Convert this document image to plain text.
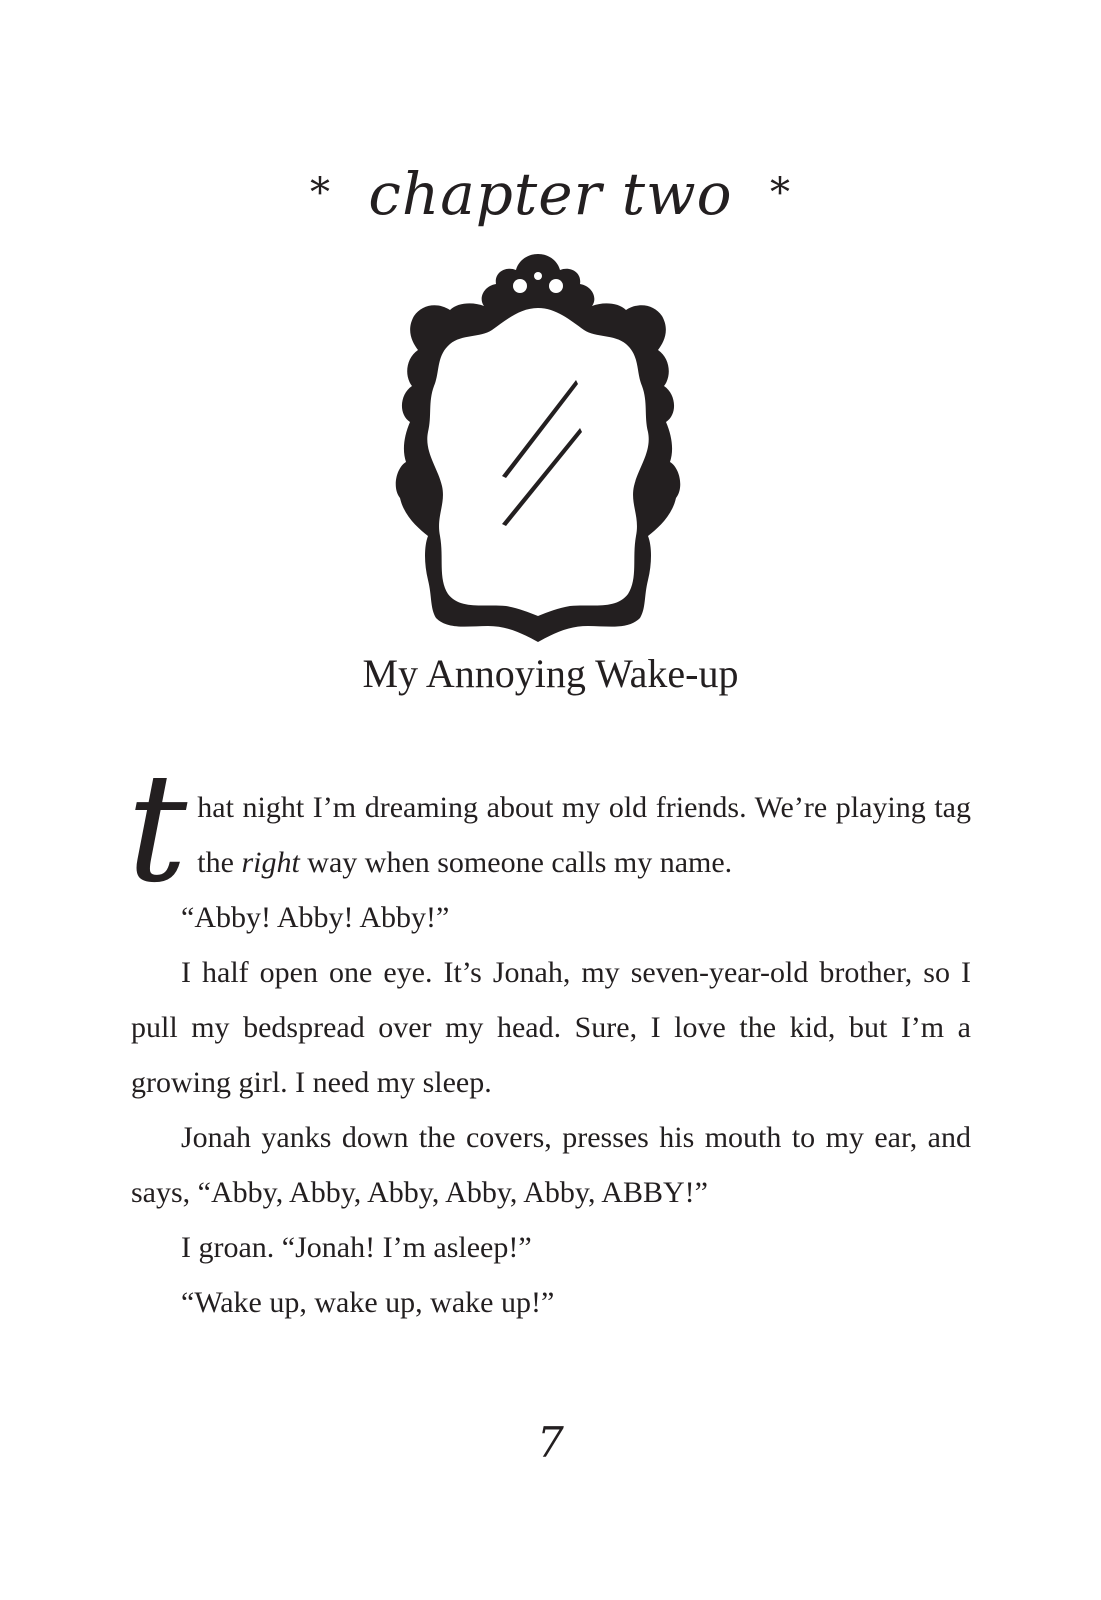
* chapter two *
My Annoying Wake-up
t hat night I’m dreaming about my old friends. We’re playing tag the right way when someone calls my name.

“Abby! Abby! Abby!”

I half open one eye. It’s Jonah, my seven-year-old brother, so I pull my bedspread over my head. Sure, I love the kid, but I’m a growing girl. I need my sleep.

Jonah yanks down the covers, presses his mouth to my ear, and says, “Abby, Abby, Abby, Abby, Abby, ABBY!”

I groan. “Jonah! I’m asleep!”

“Wake up, wake up, wake up!”

7
